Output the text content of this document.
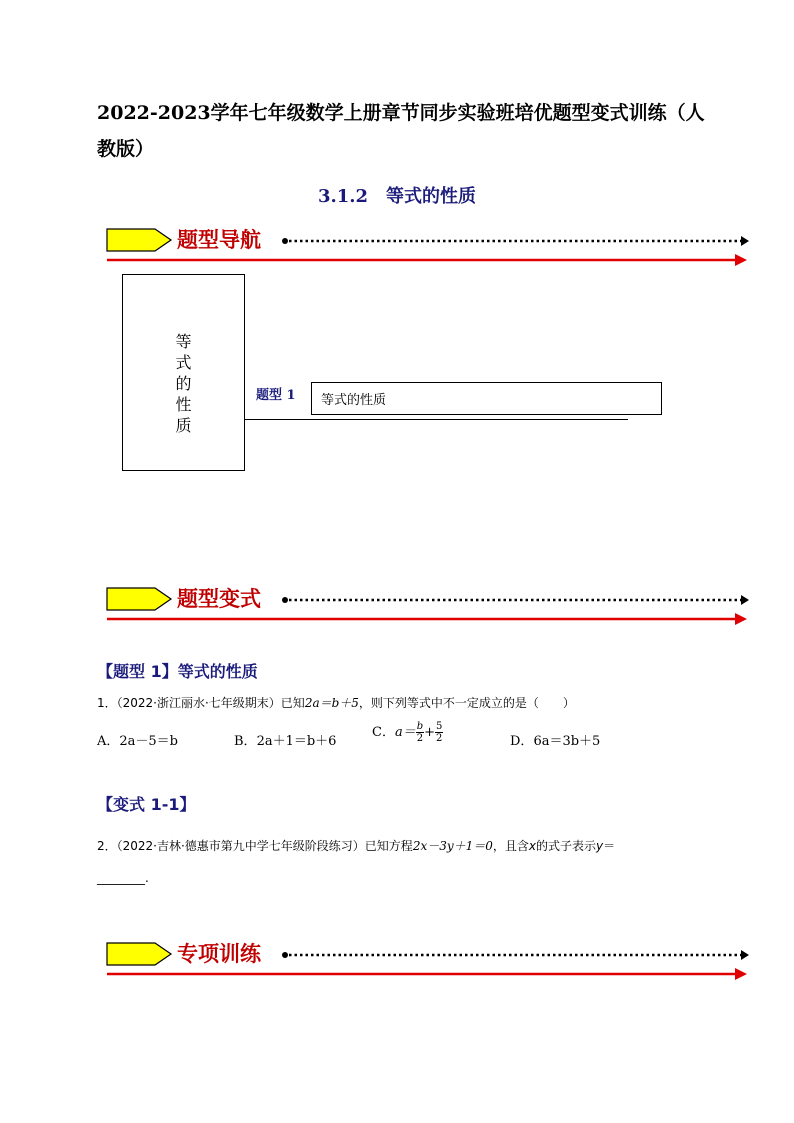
2022-2023学年七年级数学上册章节同步实验班培优题型变式训练（人教版）
3.1.2　等式的性质
题型导航
等
式
的
性
质
题型 1	等式的性质
题型变式
【题型 1】等式的性质
1．（2022·浙江丽水·七年级期末）已知2a＝b＋5，则下列等式中不一定成立的是（　　）
A．2a－5＝b	B．2a＋1＝b＋6
C．$a= \frac{b}{2} + \frac{5}{2}$	D．6a＝3b＋5
【变式 1-1】
2．（2022·吉林·德惠市第九中学七年级阶段练习）已知方程2x－3y＋1＝0，且含x的式子表示y＝
________.
专项训练
